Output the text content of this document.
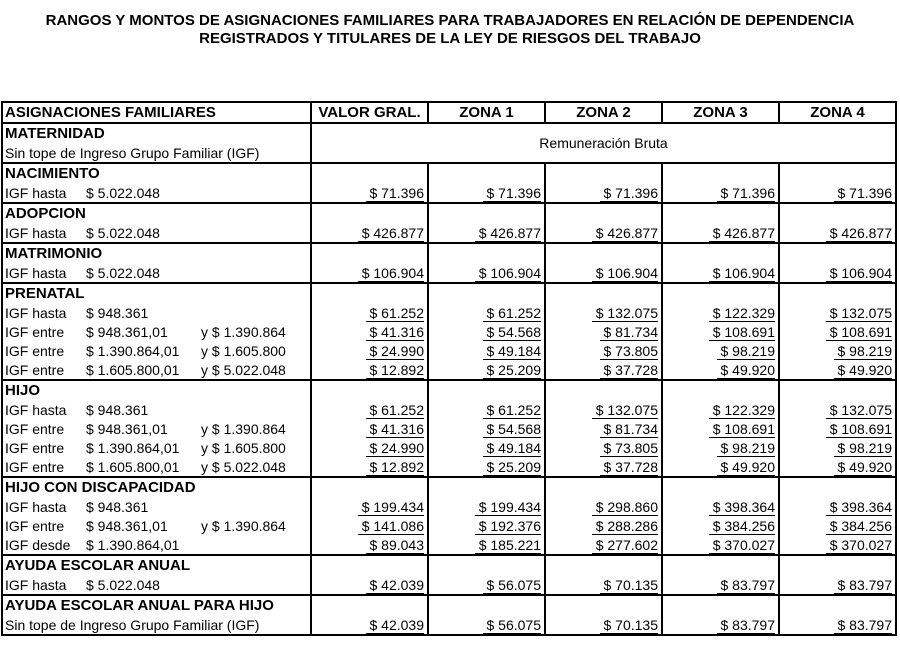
RANGOS Y MONTOS DE ASIGNACIONES FAMILIARES PARA TRABAJADORES EN RELACIÓN DE DEPENDENCIA
REGISTRADOS Y TITULARES DE LA LEY DE RIESGOS DEL TRABAJO
ASIGNACIONES FAMILIARES	VALOR GRAL.	ZONA 1	ZONA 2	ZONA 3	ZONA 4
MATERNIDAD	Remuneración Bruta				
Sin tope de Ingreso Grupo Familiar (IGF)					
NACIMIENTO					
IGF hasta $ 5.022.048	$ 71.396	$ 71.396	$ 71.396	$ 71.396	$ 71.396
ADOPCION					
IGF hasta $ 5.022.048	$ 426.877	$ 426.877	$ 426.877	$ 426.877	$ 426.877
MATRIMONIO					
IGF hasta $ 5.022.048	$ 106.904	$ 106.904	$ 106.904	$ 106.904	$ 106.904
PRENATAL					
IGF hasta $ 948.361	$ 61.252	$ 61.252	$ 132.075	$ 122.329	$ 132.075
IGF entre $ 948.361,01 y $ 1.390.864	$ 41.316	$ 54.568	$ 81.734	$ 108.691	$ 108.691
IGF entre $ 1.390.864,01 y $ 1.605.800	$ 24.990	$ 49.184	$ 73.805	$ 98.219	$ 98.219
IGF entre $ 1.605.800,01 y $ 5.022.048	$ 12.892	$ 25.209	$ 37.728	$ 49.920	$ 49.920
HIJO					
IGF hasta $ 948.361	$ 61.252	$ 61.252	$ 132.075	$ 122.329	$ 132.075
IGF entre $ 948.361,01 y $ 1.390.864	$ 41.316	$ 54.568	$ 81.734	$ 108.691	$ 108.691
IGF entre $ 1.390.864,01 y $ 1.605.800	$ 24.990	$ 49.184	$ 73.805	$ 98.219	$ 98.219
IGF entre $ 1.605.800,01 y $ 5.022.048	$ 12.892	$ 25.209	$ 37.728	$ 49.920	$ 49.920
HIJO CON DISCAPACIDAD					
IGF hasta $ 948.361	$ 199.434	$ 199.434	$ 298.860	$ 398.364	$ 398.364
IGF entre $ 948.361,01 y $ 1.390.864	$ 141.086	$ 192.376	$ 288.286	$ 384.256	$ 384.256
IGF desde $ 1.390.864,01	$ 89.043	$ 185.221	$ 277.602	$ 370.027	$ 370.027
AYUDA ESCOLAR ANUAL					
IGF hasta $ 5.022.048	$ 42.039	$ 56.075	$ 70.135	$ 83.797	$ 83.797
AYUDA ESCOLAR ANUAL PARA HIJO					
Sin tope de Ingreso Grupo Familiar (IGF)	$ 42.039	$ 56.075	$ 70.135	$ 83.797	$ 83.797
